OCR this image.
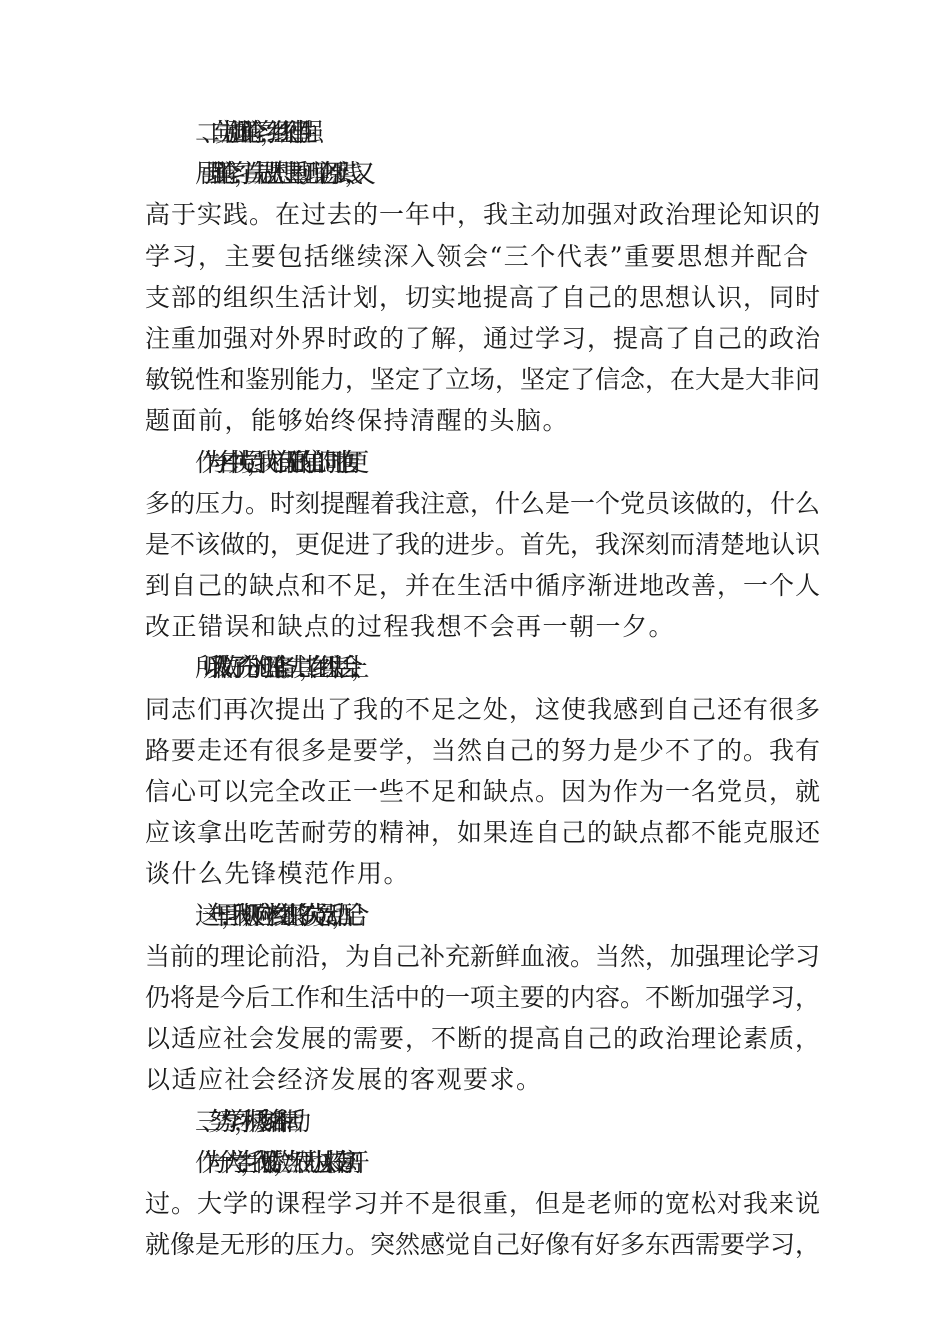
二、自觉加强理论学习，组织纪律性强
居强理论学习，首先是从思想上重视。理论源于实践，又
高于实践。在过去的一年中，我主动加强对政治理论知识的
学习，主要包括继续深入领会“三个代表”重要思想并配合
支部的组织生活计划，切实地提高了自己的思想认识，同时
注重加强对外界时政的了解，通过学习，提高了自己的政治
敏锐性和鉴别能力，坚定了立场，坚定了信念，在大是大非问
题面前，能够始终保持清醒的头脑。
作为一名中共党员，我内心有无限的信心的同时也有更
多的压力。时刻提醒着我注意，什么是一个党员该做的，什么
是不该做的，更促进了我的进步。首先，我深刻而清楚地认识
到自己的缺点和不足，并在生活中循序渐进地改善，一个人
改正错误和缺点的过程我想不会再一朝一夕。
所以我做好了充分的心理准备。尤其，在组织生活会上，
同志们再次提出了我的不足之处，这使我感到自己还有很多
路要走还有很多是要学，当然自己的努力是少不了的。我有
信心可以完全改正一些不足和缺点。因为作为一名党员，就
应该拿出吃苦耐劳的精神，如果连自己的缺点都不能克服还
谈什么先锋模范作用。
这一年里，我积极响应学校组织的多次党员活动，配合
当前的理论前沿，为自己补充新鲜血液。当然，加强理论学习
仍将是今后工作和生活中的一项主要的内容。不断加强学习，
以适应社会发展的需要，不断的提高自己的政治理论素质，
以适应社会经济发展的客观要求。
三、努力学习，积极参加各种活动
作为一个大学生，我很骄傲，当然压力也从来没有离开
过。大学的课程学习并不是很重，但是老师的宽松对我来说
就像是无形的压力。突然感觉自己好像有好多东西需要学习，
